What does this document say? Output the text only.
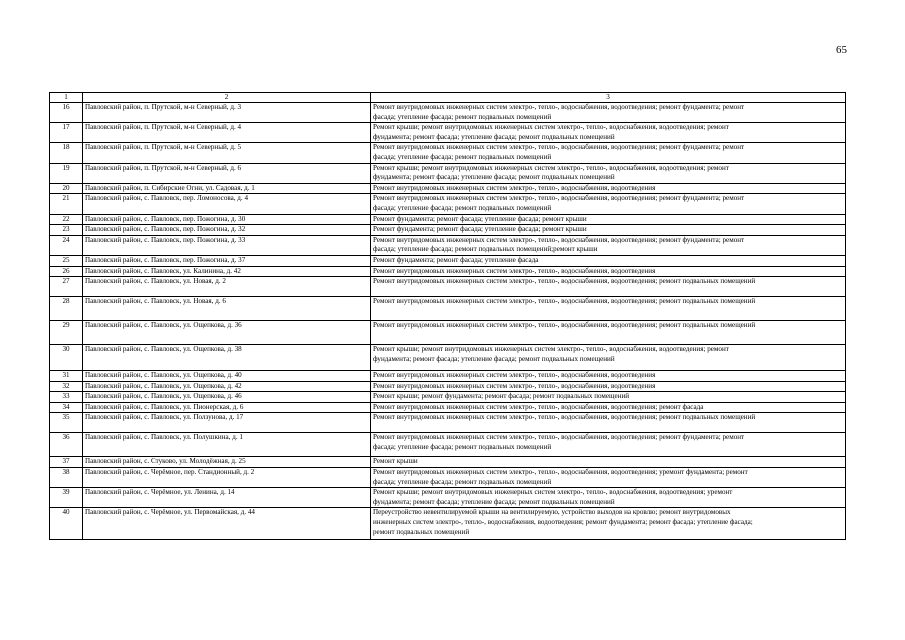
65
1	2	3
16	Павловский район, п. Прутской, м-н Северный, д. 3	Ремонт внутридомовых инженерных систем электро-, тепло-, водоснабжения, водоотведения; ремонт фундамента; ремонт
фасада; утепление фасада; ремонт подвальных помещений
17	Павловский район, п. Прутской, м-н Северный, д. 4	Ремонт крыши; ремонт внутридомовых инженерных систем электро-, тепло-, водоснабжения, водоотведения; ремонт
фундамента; ремонт фасада; утепление фасада; ремонт подвальных помещений
18	Павловский район, п. Прутской, м-н Северный, д. 5	Ремонт внутридомовых инженерных систем электро-, тепло-, водоснабжения, водоотведения; ремонт фундамента; ремонт
фасада; утепление фасада; ремонт подвальных помещений
19	Павловский район, п. Прутской, м-н Северный, д. 6	Ремонт крыши; ремонт внутридомовых инженерных систем электро-, тепло-, водоснабжения, водоотведения; ремонт
фундамента; ремонт фасада; утепление фасада; ремонт подвальных помещений
20	Павловский район, п. Сибирские Огни, ул. Садовая, д. 1	Ремонт внутридомовых инженерных систем электро-, тепло-, водоснабжения, водоотведения
21	Павловский район, с. Павловск, пер. Ломоносова, д. 4	Ремонт внутридомовых инженерных систем электро-, тепло-, водоснабжения, водоотведения; ремонт фундамента; ремонт
фасада; утепление фасада; ремонт подвальных помещений
22	Павловский район, с. Павловск, пер. Пожогина, д. 30	Ремонт фундамента; ремонт фасада; утепление фасада; ремонт крыши
23	Павловский район, с. Павловск, пер. Пожогина, д. 32	Ремонт фундамента; ремонт фасада; утепление фасада; ремонт крыши
24	Павловский район, с. Павловск, пер. Пожогина, д. 33	Ремонт внутридомовых инженерных систем электро-, тепло-, водоснабжения, водоотведения; ремонт фундамента; ремонт
фасада; утепление фасада; ремонт подвальных помещений;ремонт крыши
25	Павловский район, с. Павловск, пер. Пожогина, д. 37	Ремонт фундамента; ремонт фасада; утепление фасада
26	Павловский район, с. Павловск, ул. Калинина, д. 42	Ремонт внутридомовых инженерных систем электро-, тепло-, водоснабжения, водоотведения
27	Павловский район, с. Павловск, ул. Новая, д. 2	Ремонт внутридомовых инженерных систем электро-, тепло-, водоснабжения, водоотведения; ремонт подвальных помещений
28	Павловский район, с. Павловск, ул. Новая, д. 6	Ремонт внутридомовых инженерных систем электро-, тепло-, водоснабжения, водоотведения; ремонт подвальных помещений
29	Павловский район, с. Павловск, ул. Ощепкова, д. 36	Ремонт внутридомовых инженерных систем электро-, тепло-, водоснабжения, водоотведения; ремонт подвальных помещений
30	Павловский район, с. Павловск, ул. Ощепкова, д. 38	Ремонт крыши; ремонт внутридомовых инженерных систем электро-, тепло-, водоснабжения, водоотведения; ремонт
фундамента; ремонт фасада; утепление фасада; ремонт подвальных помещений
31	Павловский район, с. Павловск, ул. Ощепкова, д. 40	Ремонт внутридомовых инженерных систем электро-, тепло-, водоснабжения, водоотведения
32	Павловский район, с. Павловск, ул. Ощепкова, д. 42	Ремонт внутридомовых инженерных систем электро-, тепло-, водоснабжения, водоотведения
33	Павловский район, с. Павловск, ул. Ощепкова, д. 46	Ремонт крыши; ремонт фундамента; ремонт фасада; ремонт подвальных помещений
34	Павловский район, с. Павловск, ул. Пионерская, д. 6	Ремонт внутридомовых инженерных систем электро-, тепло-, водоснабжения, водоотведения; ремонт фасада
35	Павловский район, с. Павловск, ул. Ползунова, д. 17	Ремонт внутридомовых инженерных систем электро-, тепло-, водоснабжения, водоотведения; ремонт подвальных помещений
36	Павловский район, с. Павловск, ул. Полушкина, д. 1	Ремонт внутридомовых инженерных систем электро-, тепло-, водоснабжения, водоотведения; ремонт фундамента; ремонт
фасада; утепление фасада; ремонт подвальных помещений
37	Павловский район, с. Стуково, ул. Молодёжная, д. 25	Ремонт крыши
38	Павловский район, с. Черёмное, пер. Стандионный, д. 2	Ремонт внутридомовых инженерных систем электро-, тепло-, водоснабжения, водоотведения; уремонт фундамента; ремонт
фасада; утепление фасада; ремонт подвальных помещений
39	Павловский район, с. Черёмное, ул. Ленина, д. 14	Ремонт крыши; ремонт внутридомовых инженерных систем электро-, тепло-, водоснабжения, водоотведения; уремонт
фундамента; ремонт фасада; утепление фасада; ремонт подвальных помещений
40	Павловский район, с. Черёмное, ул. Первомайская, д. 44	Переустройство невентилируемой крыши на вентилируемую, устройство выходов на кровлю; ремонт внутридомовых
инженерных систем электро-, тепло-, водоснабжения, водоотведения; ремонт фундамента; ремонт фасада; утепление фасада;
ремонт подвальных помещений
